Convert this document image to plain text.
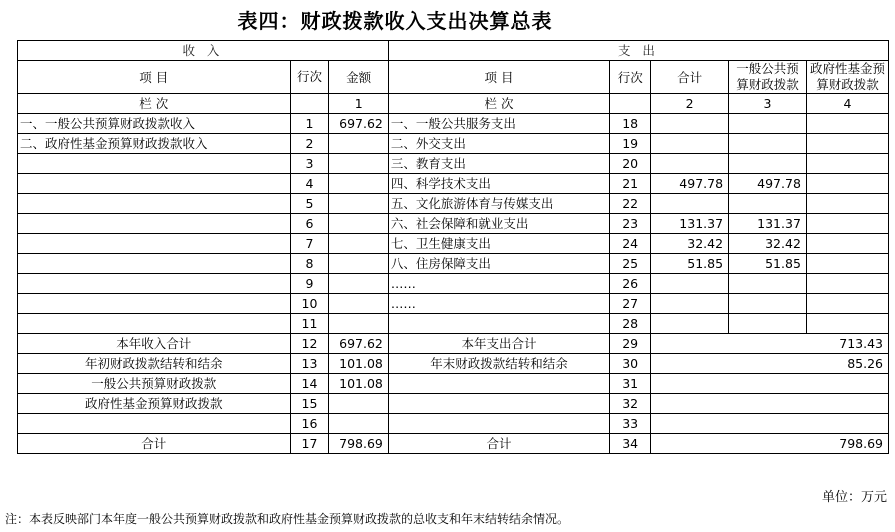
表四：财政拨款收入支出决算总表
收 入			支 出				
项 目	行次	金额	项 目	行次	合计	一般公共预算财政拨款	政府性基金预算财政拨款
栏 次		1	栏 次		2	3	4
一、一般公共预算财政拨款收入	1	697.62	一、一般公共服务支出	18			
二、政府性基金预算财政拨款收入	2		二、外交支出	19			
	3		三、教育支出	20			
	4		四、科学技术支出	21	497.78	497.78	
	5		五、文化旅游体育与传媒支出	22			
	6		六、社会保障和就业支出	23	131.37	131.37	
	7		七、卫生健康支出	24	32.42	32.42	
	8		八、住房保障支出	25	51.85	51.85	
	9		……	26			
	10		……	27			
	11			28			
本年收入合计	12	697.62	本年支出合计	29	713.43		
年初财政拨款结转和结余	13	101.08	年末财政拨款结转和结余	30	85.26		
一般公共预算财政拨款	14	101.08		31			
政府性基金预算财政拨款	15			32			
	16			33			
合计	17	798.69	合计	34	798.69		
单位：万元
注：本表反映部门本年度一般公共预算财政拨款和政府性基金预算财政拨款的总收支和年末结转结余情况。
